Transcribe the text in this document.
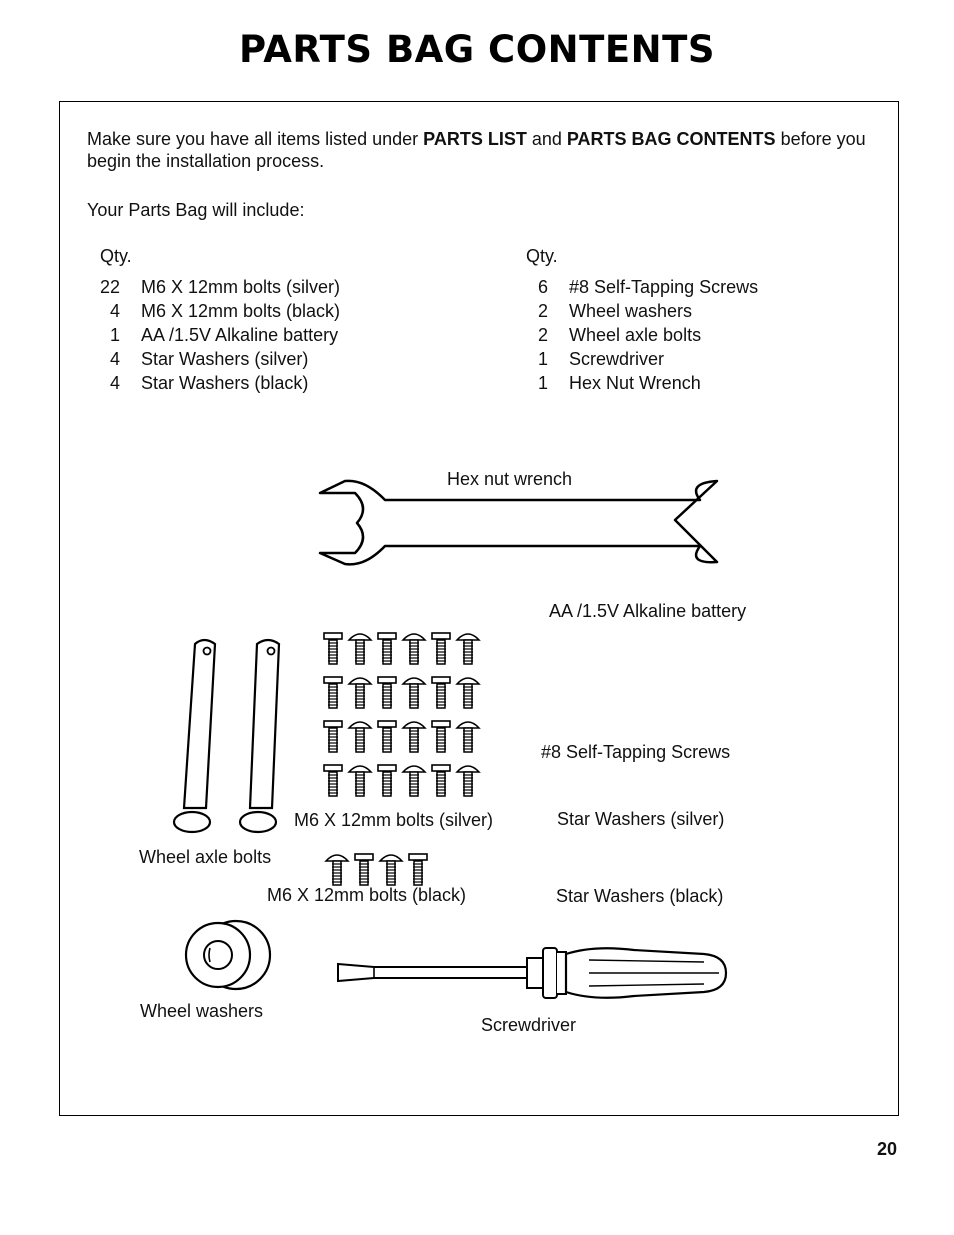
PARTS BAG CONTENTS
Make sure you have all items listed under PARTS LIST and PARTS BAG CONTENTS before you begin the installation process.
Your Parts Bag will include:
Qty.
22 M6 X 12mm bolts (silver)
4 M6 X 12mm bolts (black)
1 AA /1.5V Alkaline battery
4 Star Washers (silver)
4 Star Washers (black)
Qty.
6 #8 Self-Tapping Screws
2 Wheel washers
2 Wheel axle bolts
1 Screwdriver
1 Hex Nut Wrench
Hex nut wrench
AA /1.5V Alkaline battery
Wheel axle bolts
M6 X 12mm bolts (silver)
M6 X 12mm bolts (black)
#8 Self-Tapping Screws
Star Washers (silver)
Star Washers (black)
Wheel washers
Screwdriver
20
